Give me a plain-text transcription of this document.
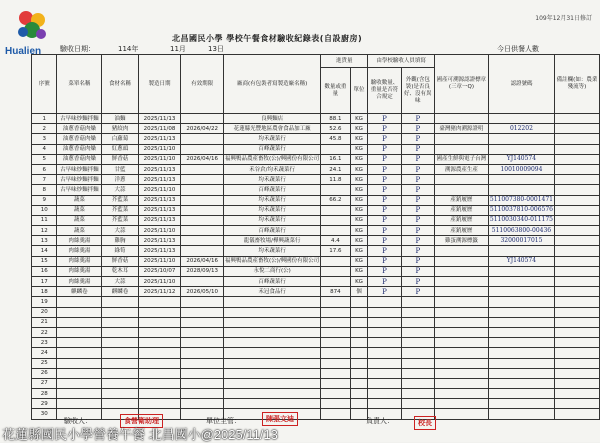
Hualien
109年12月31日修訂
北昌國民小學 學校午餐食材驗收紀錄表(自設廚房)
驗收日期：	114年	11月	13日	今日供餐人數
序號	菜單名稱	食材名稱	製造日期	有效期限	廠商(有包裝者寫製造廠名稱)	進貨量		由學校驗收人員填寫		國產可溯源認證標章(三章一Q)	認證號碼	備註欄(如：農業殘流等)
						數量或重量	單位	驗收數量、重量是否符合規定	外觀(含包裝)是否良好、沒有異味			
1	古早味炒麵拌麵	油麵	2025/11/13		良興麵店	88.1	KG	P	P			
2	油蔥香菇肉燥	豬絞肉	2025/11/08	2026/04/22	花蓮縣光豐地區農會食品加工廠	52.6	KG	P	P	臺灣豬肉溯源證明	012202	
3	油蔥香菇肉燥	白蘿蔔	2025/11/13		均禾蔬菜行	45.8	KG	P	P			
4	油蔥香菇肉燥	紅蔥頭	2025/11/10		百峰蔬菜行		KG	P	P			
5	油蔥香菇肉燥	鮮香菇	2025/11/10	2026/04/16	福興鴨品農產畜牧(公)/興國份有限公司	16.1	KG	P	P	國產生鮮與電子台灣	YJ140574	
6	古早味炒麵拌麵	甘藍	2025/11/13		禾谷倉/均禾蔬菜行	24.1	KG	P	P	溯源農產生產	10010009094	
7	古早味炒麵拌麵	洋蔥	2025/11/13		均禾蔬菜行	11.8	KG	P	P			
8	古早味炒麵拌麵	大蒜	2025/11/10		百峰蔬菜行		KG	P	P			
9	蔬菜	芥藍菜	2025/11/13		均禾蔬菜行	66.2	KG	P	P	產銷履歷	511007380-0001471	
10	蔬菜	芥藍菜	2025/11/13		均禾蔬菜行		KG	P	P	產銷履歷	5110037810-006576	
11	蔬菜	芥藍菜	2025/11/13		均禾蔬菜行		KG	P	P	產銷履歷	5110030340-011175	
12	蔬菜	大蒜	2025/11/10		百峰蔬菜行		KG	P	P	產銷履歷	5110063800-00436	
13	肉絲羹湯	雞胸	2025/11/13		龍儀畜牧場/樺興蔬菜行	4.4	KG	P	P	雞蛋溯源標籤	32000017015	
14	肉絲羹湯	綠筍	2025/11/13		均禾蔬菜行	17.6	KG	P	P			
15	肉絲羹湯	鮮香菇	2025/11/10	2026/04/16	福興鴨品農產畜牧(公)/興國份有限公司		KG	P	P		YJ140574	
16	肉絲羹湯	乾木耳	2025/10/07	2028/09/13	永悅二商行(公)		KG	P	P			
17	肉絲羹湯	大蒜	2025/11/10		百峰蔬菜行		KG	P	P			
18	麒麟卷	麒麟卷	2025/11/12	2026/05/10	禾冠食品行	874	個	P	P			
19												
20												
21												
22												
23												
24												
25												
26												
27												
28												
29												
30												
驗收人：	食營衛助理	單位主管：	陳張文迪	負責人：	校長
花蓮縣國民小學營養午餐 北昌國小@2025/11/13
